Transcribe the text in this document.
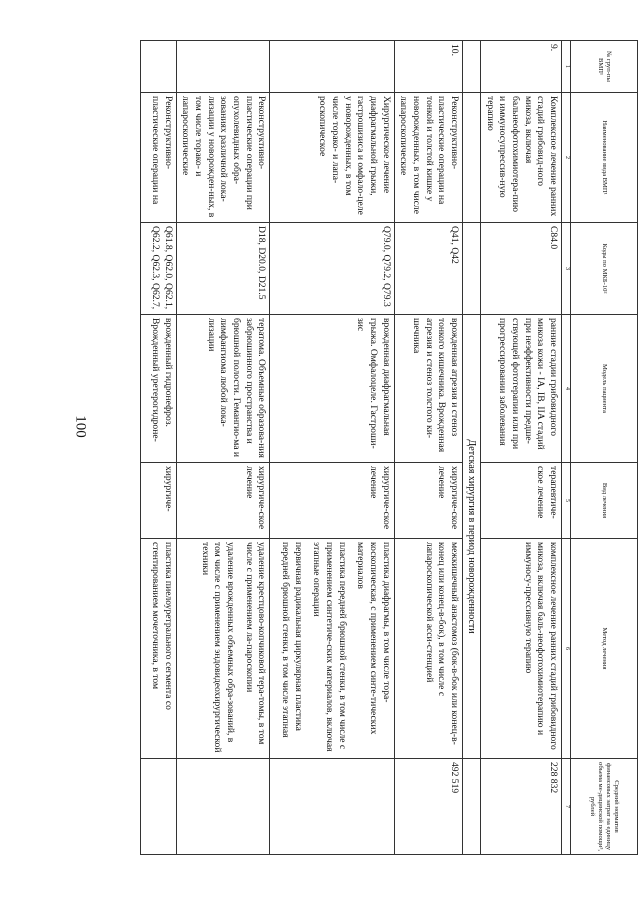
100
№ груп-пы ВМП¹	Наименование вида ВМП¹	Коды по МКБ-10²	Модель пациента	Вид лечения	Метод лечения	Средний норматив финансовых затрат на единицу объема ме-дицинской помощи³, рублей
1	2	3	4	5	6	7
9.	Комплексное лечение ранних стадий грибовид-ного микоза, включая бальнеофотохимиотера-пию и иммуносупрессив-ную терапию	C84.0	ранние стадии грибовидного микоза кожи - IA, IB, IIA стадий при неэффективности предше-ствующей фототерапии или при прогрессировании заболевания	терапевтиче-ское лечение	комплексное лечение ранних стадий грибовидного микоза, включая баль-неофотохимиотерапию и иммуносу-прессивную терапию	228 832
			Детская хирургия в период новорожденности			
10.	Реконструктивно-пластические операции на тонкой и толстой кишке у новорожденных, в том числе лапароскопические	Q41, Q42	врожденная атрезия и стеноз тонкого кишечника. Врожденная атрезия и стеноз толстого ки-шечника	хирургиче-ское лечение	межкишечный анастомоз (бок-в-бок или конец-в-конец или конец-в-бок), в том числе с лапароскопической асси-стенцией	492 519
	Хирургическое лечение диафрагмальной грыжи, гастрошизиса и омфало-целе у новорожденных, в том числе торако- и лапа-роскопическое	Q79.0, Q79.2, Q79.3	врожденная диафрагмальная грыжа. Омфалоцеле. Гастроши-зис	хирургиче-ское лечение	пластика диафрагмы, в том числе тора-коскопическая, с применением синте-тических материалов

пластика передней брюшной стенки, в том числе с применением синтетиче-ских материалов, включая этапные операции

первичная радикальная циркулярная пластика передней брюшной стенки, в том числе этапная	

	Реконструктивно-пластические операции при опухолевидных обра-зованиях различной лока-лизации у новорожден-ных, в том числе торако- и лапароскопические	D18, D20.0, D21.5	тератома. Объемные образова-ния забрюшинного пространства и брюшной полости. Гемангио-ма и лимфангиома любой лока-лизации	хирургиче-ское лечение	удаление крестцово-копчиковой тера-томы, в том числе с применением ла-пароскопии

удаление врожденных объемных обра-зований, в том числе с применением эндовидеохирургической техники	

	Реконструктивно-пластические операции на	Q61.8, Q62.0, Q62.1, Q62.2, Q62.3, Q62.7,	врожденный гидронефроз. Врожденный уретерогидроне-	хирургиче-	пластика пиелоуретрального сегмента со стентированием мочеточника, в том	
